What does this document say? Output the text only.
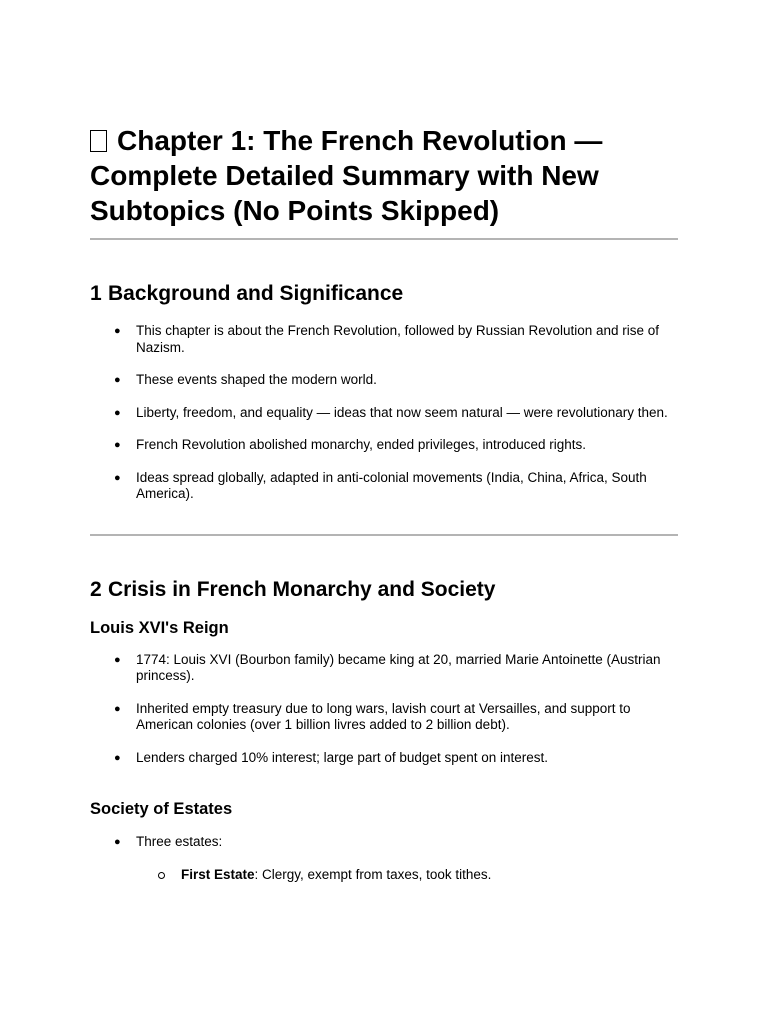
Chapter 1: The French Revolution — Complete Detailed Summary with New Subtopics (No Points Skipped)
1 Background and Significance
● This chapter is about the French Revolution, followed by Russian Revolution and rise of Nazism.
● These events shaped the modern world.
● Liberty, freedom, and equality — ideas that now seem natural — were revolutionary then.
● French Revolution abolished monarchy, ended privileges, introduced rights.
● Ideas spread globally, adapted in anti-colonial movements (India, China, Africa, South America).
2 Crisis in French Monarchy and Society
Louis XVI's Reign
● 1774: Louis XVI (Bourbon family) became king at 20, married Marie Antoinette (Austrian princess).
● Inherited empty treasury due to long wars, lavish court at Versailles, and support to American colonies (over 1 billion livres added to 2 billion debt).
● Lenders charged 10% interest; large part of budget spent on interest.
Society of Estates
● Three estates:
First Estate: Clergy, exempt from taxes, took tithes.
